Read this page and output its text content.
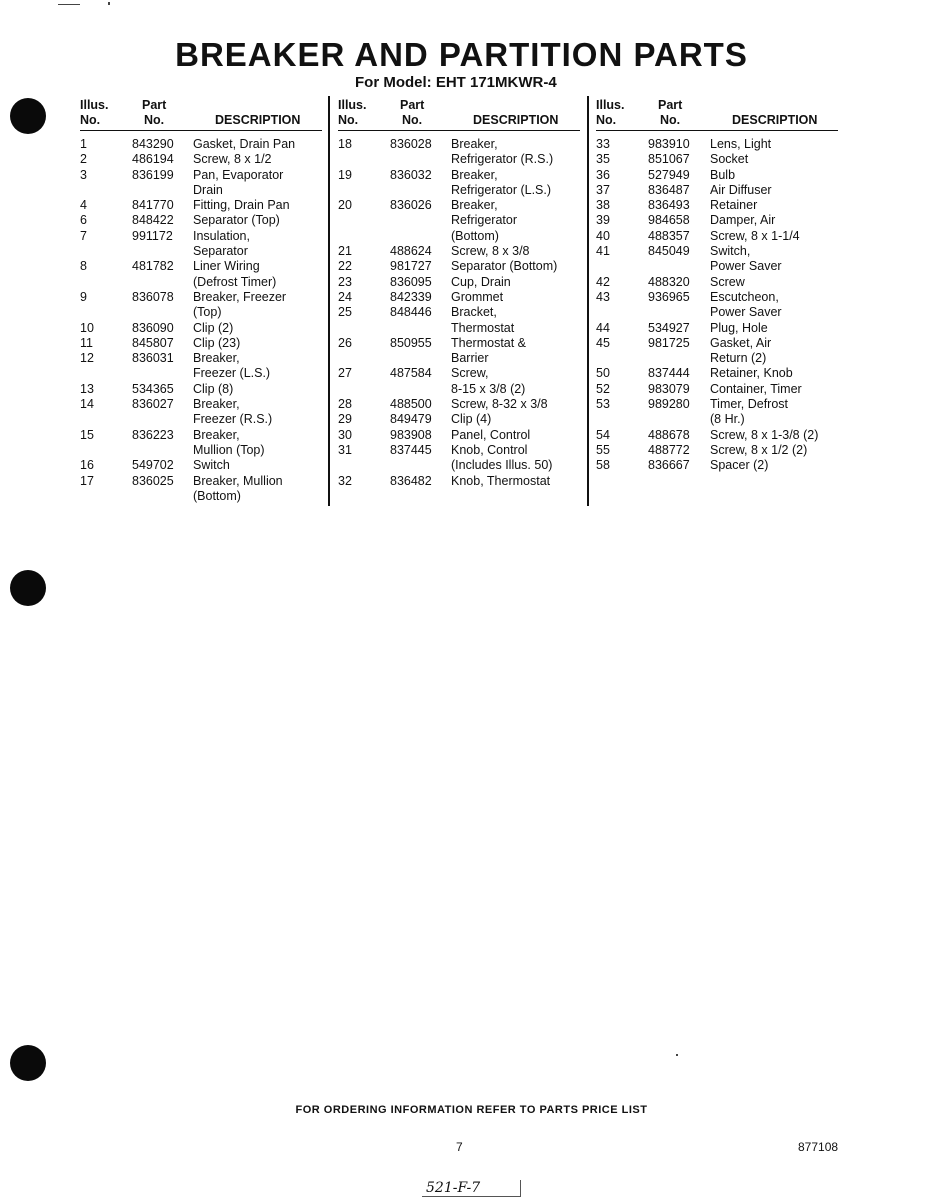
BREAKER AND PARTITION PARTS
For Model: EHT 171MKWR-4
Illus.
No.
Part
No.	DESCRIPTION
1	843290 Gasket, Drain Pan
2	486194 Screw, 8 x 1/2
3	836199 Pan, Evaporator
Drain
4	841770 Fitting, Drain Pan
6	848422 Separator (Top)
7	991172 Insulation,
Separator
8	481782 Liner Wiring
(Defrost Timer)
9	836078 Breaker, Freezer
(Top)
10	836090 Clip (2)
11	845807 Clip (23)
12	836031 Breaker,
Freezer (L.S.)
13	534365 Clip (8)
14	836027 Breaker,
Freezer (R.S.)
15	836223 Breaker,
Mullion (Top)
16	549702 Switch
17	836025 Breaker, Mullion
(Bottom)
Illus.
No.
Part
No.	DESCRIPTION
18	836028 Breaker,
Refrigerator (R.S.)
19	836032 Breaker,
Refrigerator (L.S.)
20	836026 Breaker,
Refrigerator
(Bottom)
21	488624 Screw, 8 x 3/8
22	981727 Separator (Bottom)
23	836095 Cup, Drain
24	842339 Grommet
25	848446 Bracket,
Thermostat
26	850955 Thermostat &
Barrier
27	487584 Screw,
8-15 x 3/8 (2)
28	488500 Screw, 8-32 x 3/8
29	849479 Clip (4)
30	983908 Panel, Control
31	837445 Knob, Control
(Includes Illus. 50)
32	836482 Knob, Thermostat
Illus.
No.
Part
No.	DESCRIPTION
33	983910 Lens, Light
35	851067 Socket
36	527949 Bulb
37	836487 Air Diffuser
38	836493 Retainer
39	984658 Damper, Air
40	488357 Screw, 8 x 1-1/4
41	845049 Switch,
Power Saver
42	488320 Screw
43	936965 Escutcheon,
Power Saver
44	534927 Plug, Hole
45	981725 Gasket, Air
Return (2)
50	837444 Retainer, Knob
52	983079 Container, Timer
53	989280 Timer, Defrost
(8 Hr.)
54	488678 Screw, 8 x 1-3/8 (2)
55	488772 Screw, 8 x 1/2 (2)
58	836667 Spacer (2)
FOR ORDERING INFORMATION REFER TO PARTS PRICE LIST
7	877108
521-F-7
